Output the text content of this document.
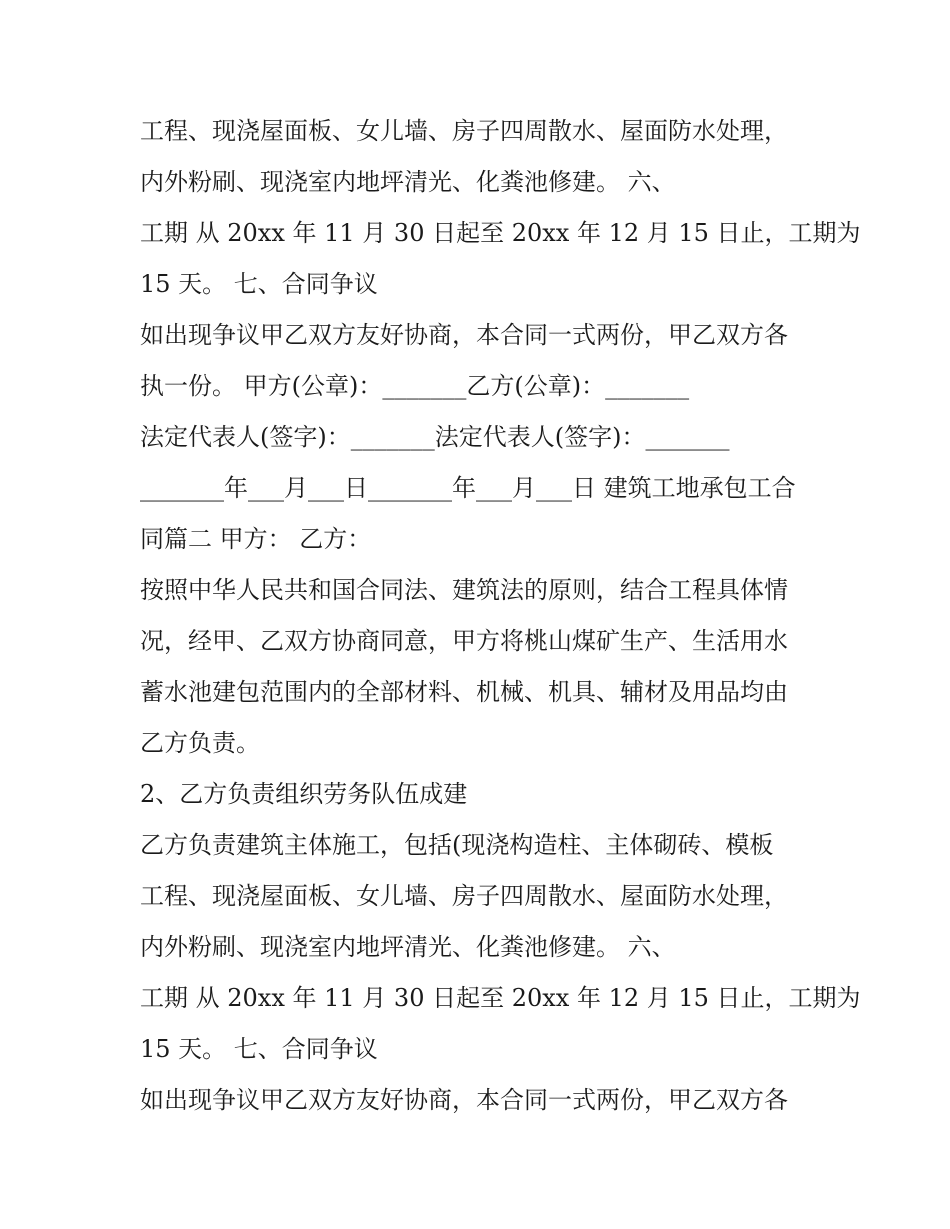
工程、现浇屋面板、女儿墙、房子四周散水、屋面防水处理，
内外粉刷、现浇室内地坪清光、化粪池修建。 六、
工期 从 20xx 年 11 月 30 日起至 20xx 年 12 月 15 日止，工期为
15 天。 七、合同争议
如出现争议甲乙双方友好协商，本合同一式两份，甲乙双方各
执一份。 甲方(公章)：_______乙方(公章)：_______
法定代表人(签字)：_______法定代表人(签字)：_______
_______年___月___日_______年___月___日 建筑工地承包工合
同篇二 甲方： 乙方：
按照中华人民共和国合同法、建筑法的原则，结合工程具体情
况，经甲、乙双方协商同意，甲方将桃山煤矿生产、生活用水
蓄水池建包范围内的全部材料、机械、机具、辅材及用品均由
乙方负责。
2、乙方负责组织劳务队伍成建
乙方负责建筑主体施工，包括(现浇构造柱、主体砌砖、模板
工程、现浇屋面板、女儿墙、房子四周散水、屋面防水处理，
内外粉刷、现浇室内地坪清光、化粪池修建。 六、
工期 从 20xx 年 11 月 30 日起至 20xx 年 12 月 15 日止，工期为
15 天。 七、合同争议
如出现争议甲乙双方友好协商，本合同一式两份，甲乙双方各
